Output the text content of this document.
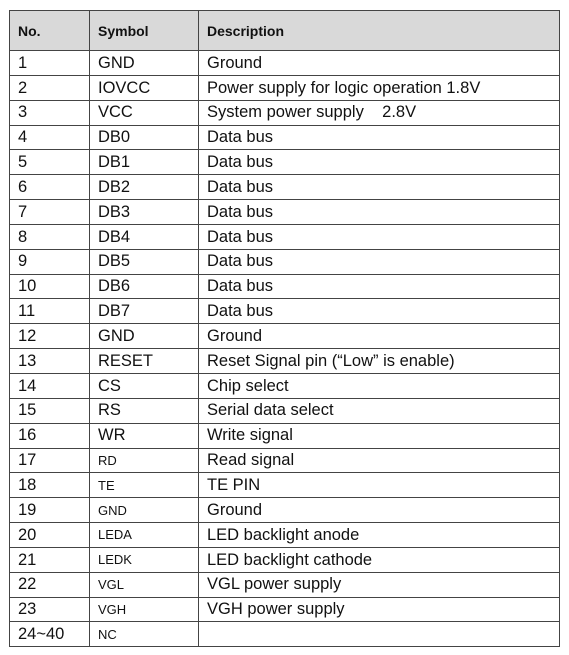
No.	Symbol	Description
1	GND	Ground
2	IOVCC	Power supply for logic operation 1.8V
3	VCC	System power supply    2.8V
4	DB0	Data bus
5	DB1	Data bus
6	DB2	Data bus
7	DB3	Data bus
8	DB4	Data bus
9	DB5	Data bus
10	DB6	Data bus
11	DB7	Data bus
12	GND	Ground
13	RESET	Reset Signal pin (“Low” is enable)
14	CS	Chip select
15	RS	Serial data select
16	WR	Write signal
17	RD	Read signal
18	TE	TE PIN
19	GND	Ground
20	LEDA	LED backlight anode
21	LEDK	LED backlight cathode
22	VGL	VGL power supply
23	VGH	VGH power supply
24~40	NC	
